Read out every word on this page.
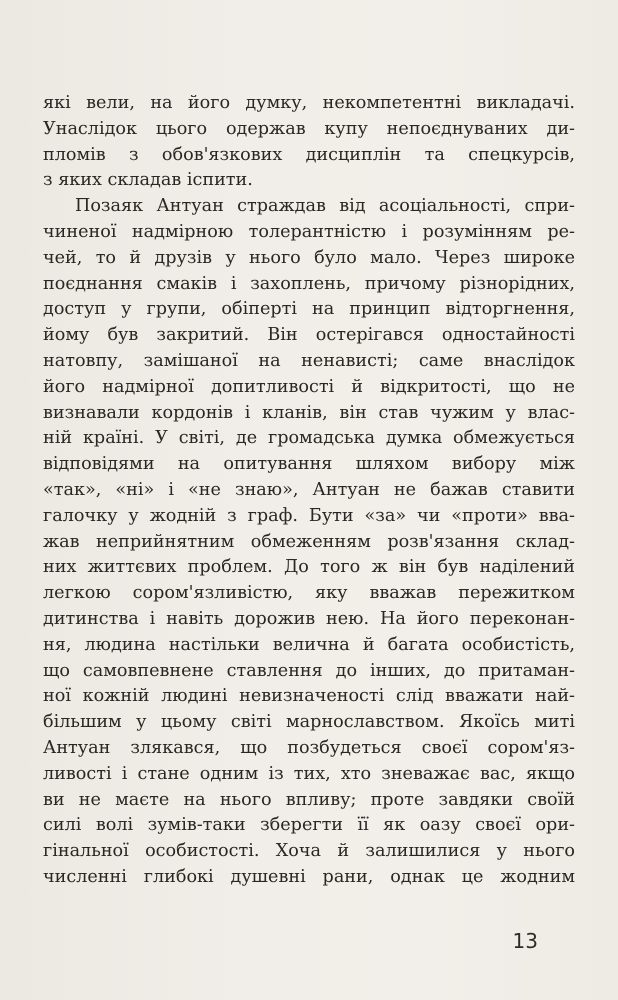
які вели, на його думку, некомпетентні викладачі.
Унаслідок цього одержав купу непоєднуваних ди-
пломів з обов'язкових дисциплін та спецкурсів,
з яких складав іспити.
Позаяк Антуан страждав від асоціальності, спри-
чиненої надмірною толерантністю і розумінням ре-
чей, то й друзів у нього було мало. Через широке
поєднання смаків і захоплень, причому різнорідних,
доступ у групи, обіперті на принцип відторгнення,
йому був закритий. Він остерігався одностайності
натовпу, замішаної на ненависті; саме внаслідок
його надмірної допитливості й відкритості, що не
визнавали кордонів і кланів, він став чужим у влас-
ній країні. У світі, де громадська думка обмежується
відповідями на опитування шляхом вибору між
«так», «ні» і «не знаю», Антуан не бажав ставити
галочку у жодній з граф. Бути «за» чи «проти» вва-
жав неприйнятним обмеженням розв'язання склад-
них життєвих проблем. До того ж він був наділений
легкою сором'язливістю, яку вважав пережитком
дитинства і навіть дорожив нею. На його переконан-
ня, людина настільки велична й багата особистість,
що самовпевнене ставлення до інших, до притаман-
ної кожній людині невизначеності слід вважати най-
більшим у цьому світі марнославством. Якоїсь миті
Антуан злякався, що позбудеться своєї сором'яз-
ливості і стане одним із тих, хто зневажає вас, якщо
ви не маєте на нього впливу; проте завдяки своїй
силі волі зумів-таки зберегти її як оазу своєї ори-
гінальної особистості. Хоча й залишилися у нього
численні глибокі душевні рани, однак це жодним
13
